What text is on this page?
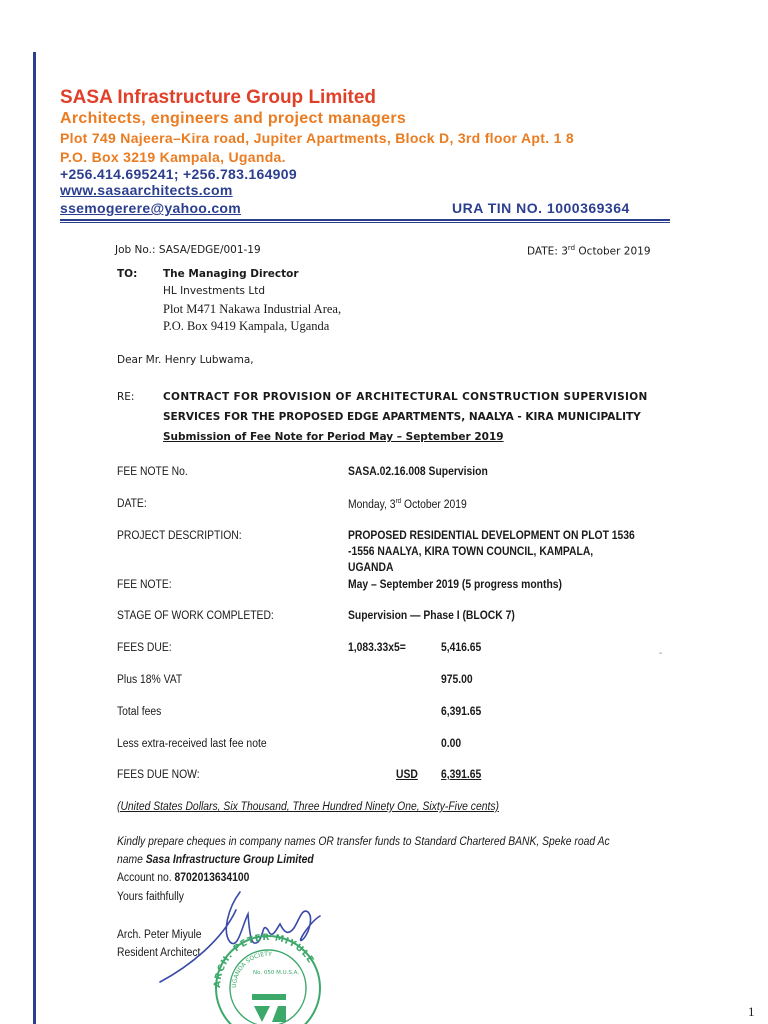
SASA Infrastructure Group Limited
Architects, engineers and project managers
Plot 749 Najeera–Kira road, Jupiter Apartments, Block D, 3rd floor Apt. 1 8
P.O. Box 3219 Kampala, Uganda.
+256.414.695241; +256.783.164909
www.sasaarchitects.com
ssemogerere@yahoo.com	URA TIN NO. 1000369364
Job No.: SASA/EDGE/001-19	DATE: 3rd October 2019
TO: The Managing Director
HL Investments Ltd
Plot M471 Nakawa Industrial Area,
P.O. Box 9419 Kampala, Uganda
Dear Mr. Henry Lubwama,
RE:	CONTRACT FOR PROVISION OF ARCHITECTURAL CONSTRUCTION SUPERVISION
SERVICES FOR THE PROPOSED EDGE APARTMENTS, NAALYA - KIRA MUNICIPALITY
Submission of Fee Note for Period May – September 2019
FEE NOTE No.	SASA.02.16.008 Supervision
DATE:	Monday, 3rd October 2019
PROJECT DESCRIPTION:	PROPOSED RESIDENTIAL DEVELOPMENT ON PLOT 1536
-1556 NAALYA, KIRA TOWN COUNCIL, KAMPALA,
UGANDA
FEE NOTE:	May – September 2019 (5 progress months)
STAGE OF WORK COMPLETED:	Supervision — Phase I (BLOCK 7)
FEES DUE:	1,083.33x5=	5,416.65	-
Plus 18% VAT	975.00
Total fees	6,391.65
Less extra-received last fee note	0.00
FEES DUE NOW:	USD 6,391.65
(United States Dollars, Six Thousand, Three Hundred Ninety One, Sixty-Five cents)
Kindly prepare cheques in company names OR transfer funds to Standard Chartered BANK, Speke road Ac
name Sasa Infrastructure Group Limited
Account no. 8702013634100
Yours faithfully
Arch. Peter Miyule
Resident Architect
ARCH. PETER MIYULE
UGANDA SOCIETY
No. 050 M.U.S.A.
1
